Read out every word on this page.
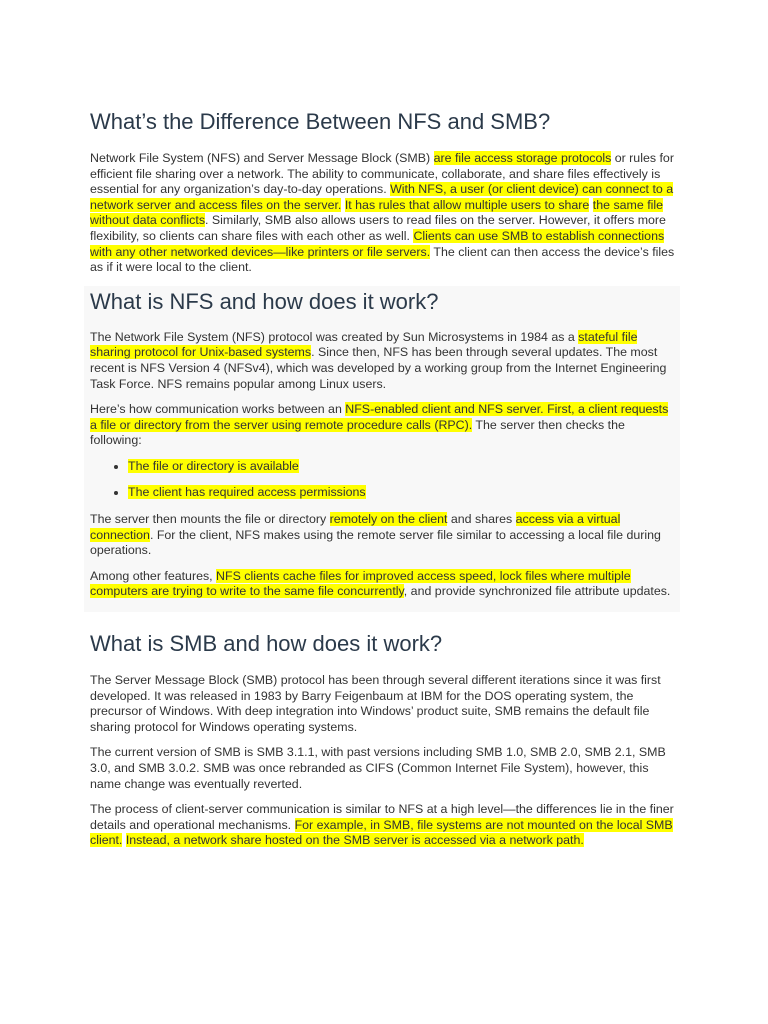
What’s the Difference Between NFS and SMB?

Network File System (NFS) and Server Message Block (SMB) are file access storage protocols or rules for efficient file sharing over a network. The ability to communicate, collaborate, and share files effectively is essential for any organization’s day-to-day operations. With NFS, a user (or client device) can connect to a network server and access files on the server. It has rules that allow multiple users to share the same file without data conflicts. Similarly, SMB also allows users to read files on the server. However, it offers more flexibility, so clients can share files with each other as well. Clients can use SMB to establish connections with any other networked devices—like printers or file servers. The client can then access the device’s files as if it were local to the client.

What is NFS and how does it work?

The Network File System (NFS) protocol was created by Sun Microsystems in 1984 as a stateful file sharing protocol for Unix-based systems. Since then, NFS has been through several updates. The most recent is NFS Version 4 (NFSv4), which was developed by a working group from the Internet Engineering Task Force. NFS remains popular among Linux users.

Here’s how communication works between an NFS-enabled client and NFS server. First, a client requests a file or directory from the server using remote procedure calls (RPC). The server then checks the following:

• The file or directory is available
• The client has required access permissions

The server then mounts the file or directory remotely on the client and shares access via a virtual connection. For the client, NFS makes using the remote server file similar to accessing a local file during operations.

Among other features, NFS clients cache files for improved access speed, lock files where multiple computers are trying to write to the same file concurrently, and provide synchronized file attribute updates.

What is SMB and how does it work?

The Server Message Block (SMB) protocol has been through several different iterations since it was first developed. It was released in 1983 by Barry Feigenbaum at IBM for the DOS operating system, the precursor of Windows. With deep integration into Windows’ product suite, SMB remains the default file sharing protocol for Windows operating systems.

The current version of SMB is SMB 3.1.1, with past versions including SMB 1.0, SMB 2.0, SMB 2.1, SMB 3.0, and SMB 3.0.2. SMB was once rebranded as CIFS (Common Internet File System), however, this name change was eventually reverted.

The process of client-server communication is similar to NFS at a high level—the differences lie in the finer details and operational mechanisms. For example, in SMB, file systems are not mounted on the local SMB client. Instead, a network share hosted on the SMB server is accessed via a network path.
